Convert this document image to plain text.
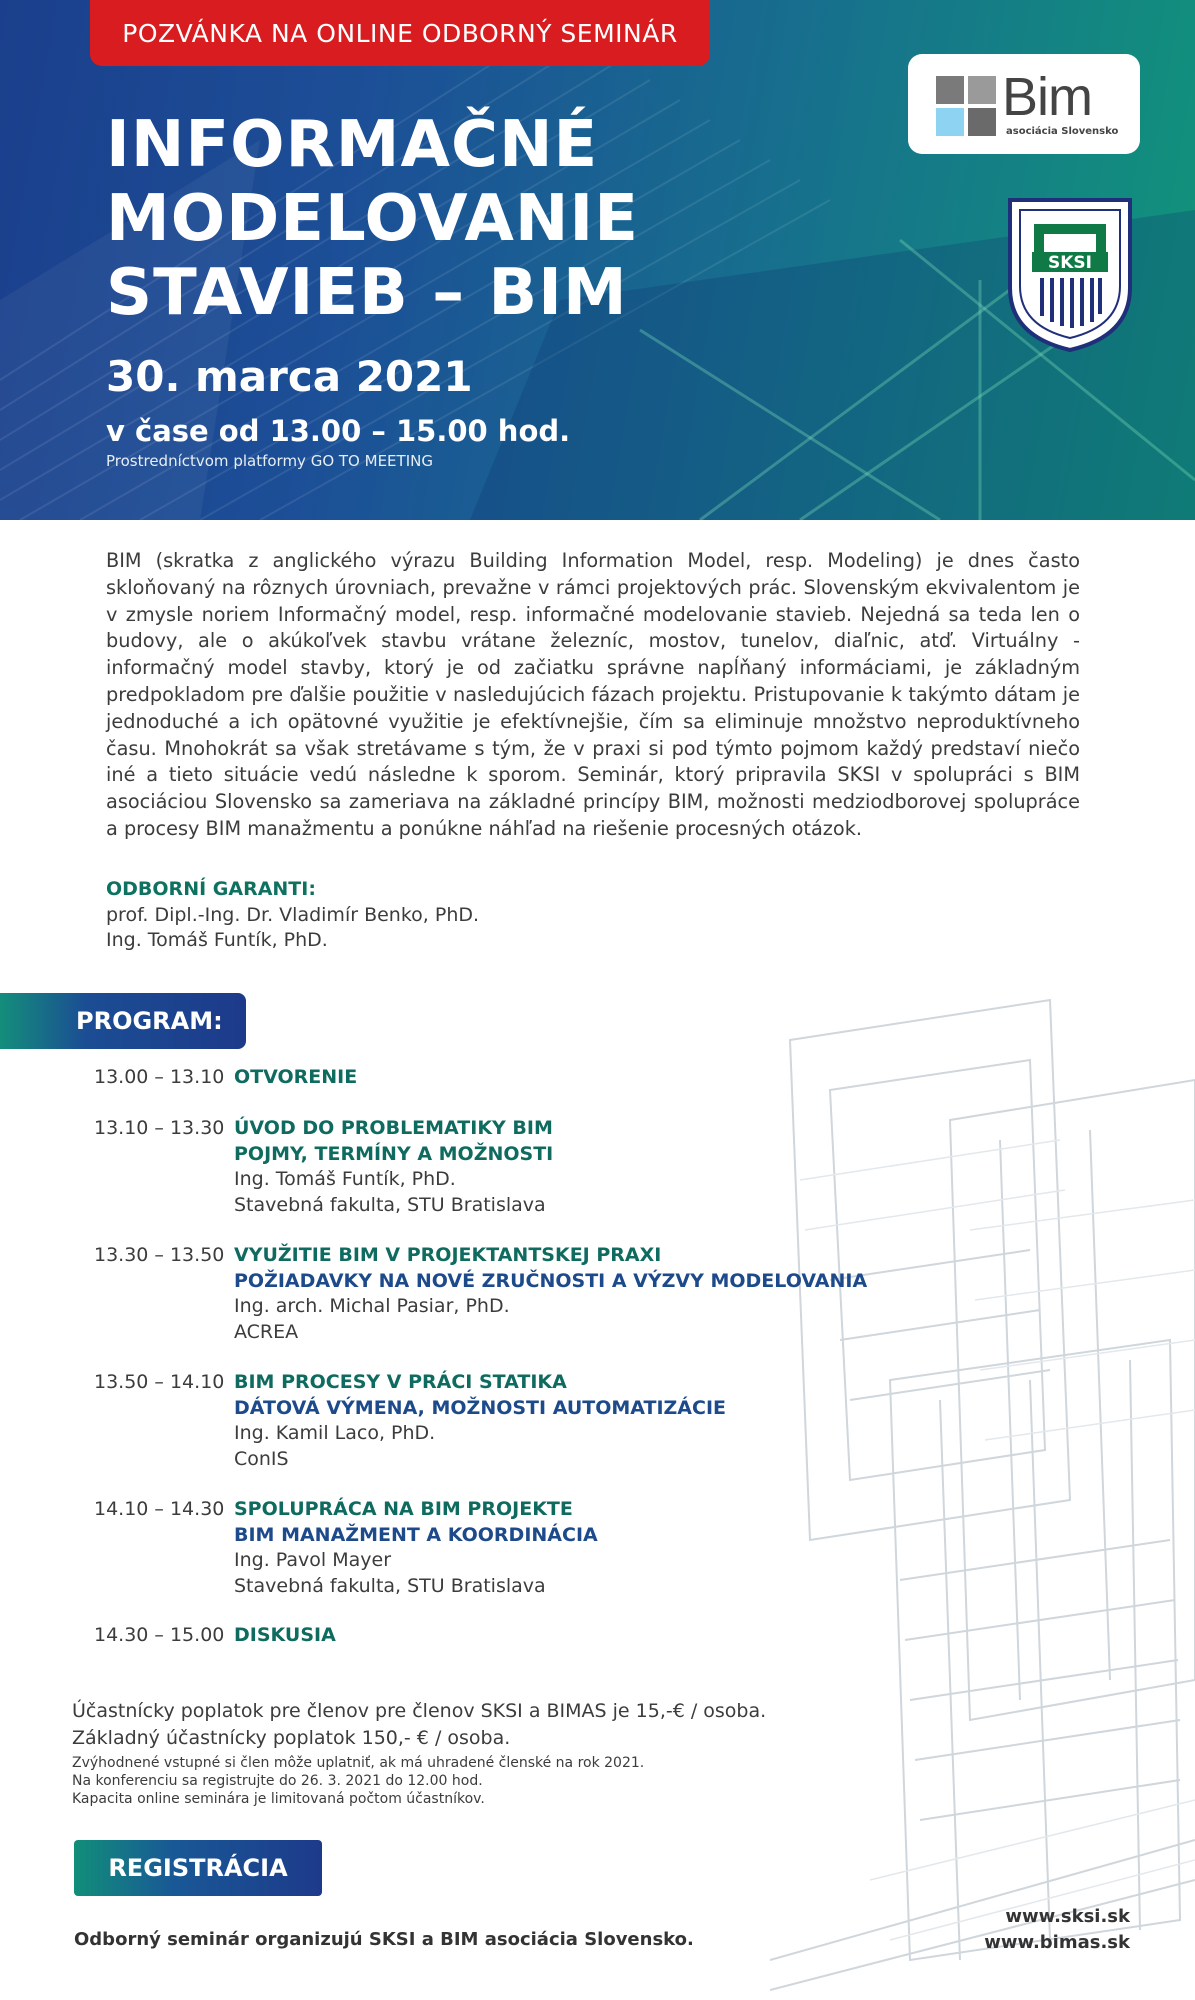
POZVÁNKA NA ONLINE ODBORNÝ SEMINÁR
INFORMAČNÉ
MODELOVANIE
STAVIEB – BIM
30. marca 2021
v čase od 13.00 – 15.00 hod.
Prostredníctvom platformy GO TO MEETING
Bim
asociácia Slovensko
SKSI

BIM (skratka z anglického výrazu Building Information Model, resp. Modeling) je dnes často skloňovaný na rôznych úrovniach, prevažne v rámci projektových prác. Slovenským ekvivalentom je v zmysle noriem Informačný model, resp. informačné modelovanie stavieb. Nejedná sa teda len o budovy, ale o akúkoľvek stavbu vrátane železníc, mostov, tunelov, diaľnic, atď. Virtuálny - informačný model stavby, ktorý je od začiatku správne napĺňaný informáciami, je základným predpokladom pre ďalšie použitie v nasledujúcich fázach projektu. Pristupovanie k takýmto dátam je jednoduché a ich opätovné využitie je efektívnejšie, čím sa eliminuje množstvo neproduktívneho času. Mnohokrát sa však stretávame s tým, že v praxi si pod týmto pojmom každý predstaví niečo iné a tieto situácie vedú následne k sporom. Seminár, ktorý pripravila SKSI v spolupráci s BIM asociáciou Slovensko sa zameriava na základné princípy BIM, možnosti medziodborovej spolupráce a procesy BIM manažmentu a ponúkne náhľad na riešenie procesných otázok.

ODBORNÍ GARANTI:
prof. Dipl.-Ing. Dr. Vladimír Benko, PhD.
Ing. Tomáš Funtík, PhD.
PROGRAM:
13.00 – 13.10 OTVORENIE
13.10 – 13.30 ÚVOD DO PROBLEMATIKY BIM
POJMY, TERMÍNY A MOŽNOSTI
Ing. Tomáš Funtík, PhD.
Stavebná fakulta, STU Bratislava
13.30 – 13.50 VYUŽITIE BIM V PROJEKTANTSKEJ PRAXI
POŽIADAVKY NA NOVÉ ZRUČNOSTI A VÝZVY MODELOVANIA
Ing. arch. Michal Pasiar, PhD.
ACREA
13.50 – 14.10 BIM PROCESY V PRÁCI STATIKA
DÁTOVÁ VÝMENA, MOŽNOSTI AUTOMATIZÁCIE
Ing. Kamil Laco, PhD.
ConIS
14.10 – 14.30 SPOLUPRÁCA NA BIM PROJEKTE
BIM MANAŽMENT A KOORDINÁCIA
Ing. Pavol Mayer
Stavebná fakulta, STU Bratislava
14.30 – 15.00 DISKUSIA
Účastnícky poplatok pre členov pre členov SKSI a BIMAS je 15,-€ / osoba.
Základný účastnícky poplatok 150,- € / osoba.
Zvýhodnené vstupné si člen môže uplatniť, ak má uhradené členské na rok 2021.
Na konferenciu sa registrujte do 26. 3. 2021 do 12.00 hod.
Kapacita online seminára je limitovaná počtom účastníkov.
REGISTRÁCIA
Odborný seminár organizujú SKSI a BIM asociácia Slovensko.
www.sksi.sk
www.bimas.sk
